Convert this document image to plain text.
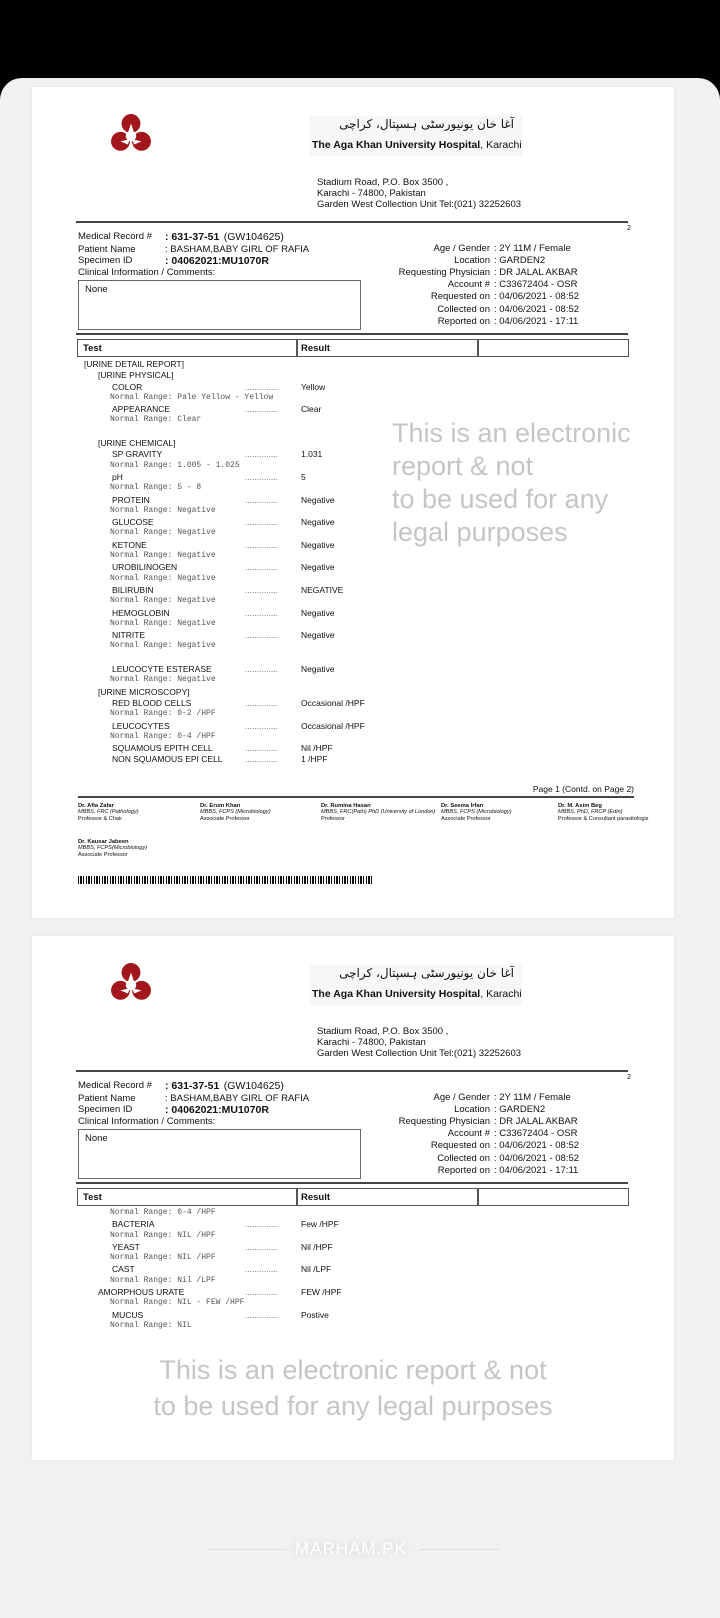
آغا خان یونیورسٹی ہسپتال، کراچی
The Aga Khan University Hospital, Karachi
Stadium Road, P.O. Box 3500 ,
Karachi - 74800, Pakistan
Garden West Collection Unit Tel:(021) 32252603
2
Medical Record # : 631-37-51 (GW104625)
Patient Name	: BASHAM,BABY GIRL OF RAFIA
Specimen ID	: 04062021:MU1070R
Clinical Information / Comments:
None
Age / Gender : 2Y 11M / Female
Location : GARDEN2
Requesting Physician : DR JALAL AKBAR
Account # : C33672404 - OSR
Requested on : 04/06/2021 - 08:52
Collected on : 04/06/2021 - 08:52
Reported on : 04/06/2021 - 17:11
Test	Result
[URINE DETAIL REPORT]
[URINE PHYSICAL]
COLOR	..............	Yellow
Normal Range: Pale Yellow - Yellow
APPEARANCE	..............	Clear
Normal Range: Clear
[URINE CHEMICAL]
SP GRAVITY	..............	1.031
Normal Range: 1.005 - 1.025
pH	..............	5
Normal Range: 5 - 8
PROTEIN	..............	Negative
Normal Range: Negative
GLUCOSE	..............	Negative
Normal Range: Negative
KETONE	..............	Negative
Normal Range: Negative
UROBILINOGEN	..............	Negative
Normal Range: Negative
BILIRUBIN	..............	NEGATIVE
Normal Range: Negative
HEMOGLOBIN	..............	Negative
Normal Range: Negative
NITRITE	..............	Negative
Normal Range: Negative
LEUCOCYTE ESTERASE	..............	Negative
Normal Range: Negative
[URINE MICROSCOPY]
RED BLOOD CELLS	..............	Occasional /HPF
Normal Range: 0-2 /HPF
LEUCOCYTES	..............	Occasional /HPF
Normal Range: 0-4 /HPF
SQUAMOUS EPITH CELL	..............	Nil /HPF
NON SQUAMOUS EPI CELL	..............	1 /HPF
This is an electronic report & not
to be used for any legal purposes
Page 1 (Contd. on Page 2)
Dr. Afia Zafar
MBBS, FRC (Pathology)
Professor & Chair
Dr. Erum Khan
MBBS, FCPS (Microbiology)
Associate Professor
Dr. Rumina Hasan
MBBS, FRC(Path) PhD (University of London)
Professor
Dr. Seema Irfan
MBBS, FCPS (Microbiology)
Associate Professor
Dr. M. Asim Beg
MBBS, PhD, FRCP (Edin)
Professor & Consultant parasitologis
Dr. Kausar Jabeen
MBBS, FCPS(Microbiology)
Associate Professor
آغا خان یونیورسٹی ہسپتال، کراچی
The Aga Khan University Hospital, Karachi
Stadium Road, P.O. Box 3500 ,
Karachi - 74800, Pakistan
Garden West Collection Unit Tel:(021) 32252603
2
Medical Record # : 631-37-51 (GW104625)
Patient Name	: BASHAM,BABY GIRL OF RAFIA
Specimen ID	: 04062021:MU1070R
Clinical Information / Comments:
None
Age / Gender : 2Y 11M / Female
Location : GARDEN2
Requesting Physician : DR JALAL AKBAR
Account # : C33672404 - OSR
Requested on : 04/06/2021 - 08:52
Collected on : 04/06/2021 - 08:52
Reported on : 04/06/2021 - 17:11
Test	Result
Normal Range: 0-4 /HPF
BACTERIA	..............	Few /HPF
Normal Range: NIL /HPF
YEAST	..............	Nil /HPF
Normal Range: NIL /HPF
CAST	..............	Nil /LPF
Normal Range: Nil /LPF
AMORPHOUS URATE	..............	FEW /HPF
Normal Range: NIL - FEW /HPF
MUCUS	..............	Postive
Normal Range: NIL
This is an electronic report & not
to be used for any legal purposes
MARHAM.PK
